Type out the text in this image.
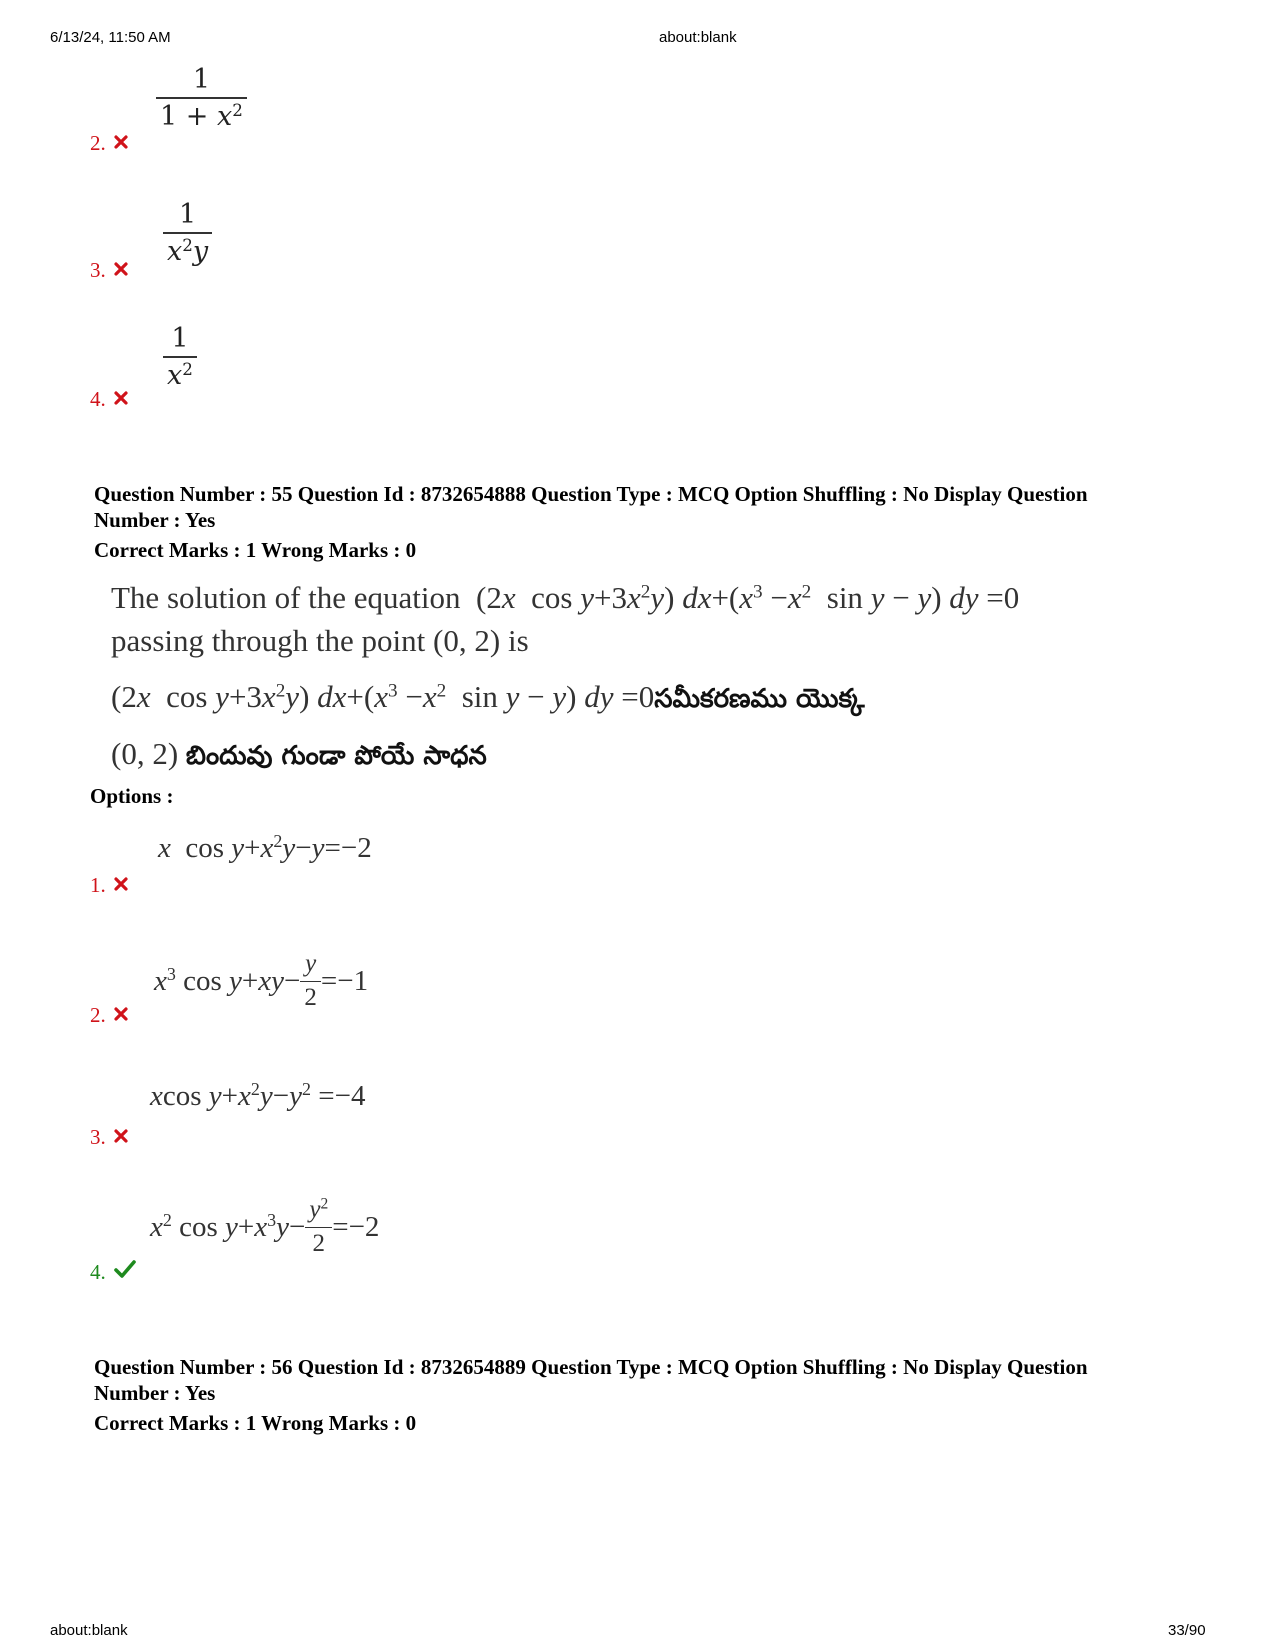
6/13/24, 11:50 AM	about:blank
2.
$\frac{1}{1 + x^2}$
3.
$\frac{1}{x^2y}$
4.
$\frac{1}{x^2}$
Question Number : 55 Question Id : 8732654888 Question Type : MCQ Option Shuffling : No Display Question
Number : Yes
Correct Marks : 1 Wrong Marks : 0
The solution of the equation  (2x  $\cos y+3x^2y$) $dx+(x^3 -x^2$  sin y − y) dy =0
passing through the point (0, 2) is
(2x  $\cos y+3x^2y$) $dx+(x^3 -x^2$  sin y − y) dy =0సమీకరణము యొక్క
(0, 2) బిందువు గుండా పోయే సాధన
Options :
1.
x  $\cos y+x^2y-y=-2$
2.
$x^3$ $\cos y+xy- \frac{y}{2} =-1$
3.
xcos $y+x^2y-y^2 =-4$
4.
$x^2$ $\cos y+x^3y- \frac{y^2}{2} =-2$
Question Number : 56 Question Id : 8732654889 Question Type : MCQ Option Shuffling : No Display Question
Number : Yes
Correct Marks : 1 Wrong Marks : 0
about:blank	33/90
